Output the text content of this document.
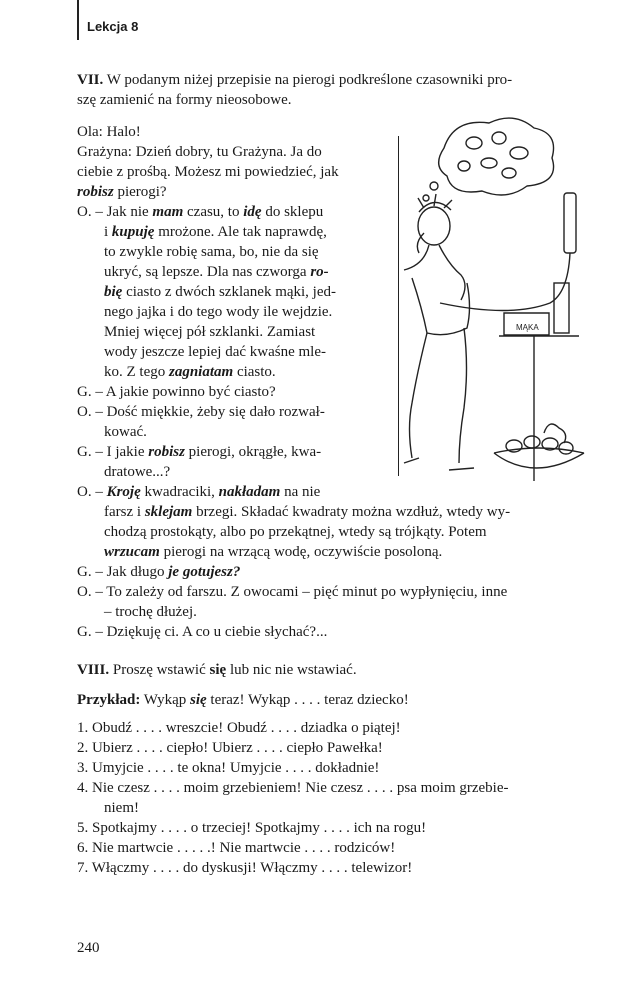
Lekcja 8
VII. W podanym niżej przepisie na pierogi podkreślone czasowniki pro-
szę zamienić na formy nieosobowe.
Ola: Halo!
Grażyna: Dzień dobry, tu Grażyna. Ja do
ciebie z prośbą. Możesz mi powiedzieć, jak
robisz pierogi?
O. – Jak nie mam czasu, to idę do sklepu
i kupuję mrożone. Ale tak naprawdę,
to zwykle robię sama, bo, nie da się
ukryć, są lepsze. Dla nas czworga ro-
bię ciasto z dwóch szklanek mąki, jed-
nego jajka i do tego wody ile wejdzie.
Mniej więcej pół szklanki. Zamiast
wody jeszcze lepiej dać kwaśne mle-
ko. Z tego zagniatam ciasto.
G. – A jakie powinno być ciasto?
O. – Dość miękkie, żeby się dało rozwał-
kować.
G. – I jakie robisz pierogi, okrągłe, kwa-
dratowe...?
O. – Kroję kwadraciki, nakładam na nie
farsz i sklejam brzegi. Składać kwadraty można wzdłuż, wtedy wy-
chodzą prostokąty, albo po przekątnej, wtedy są trójkąty. Potem
wrzucam pierogi na wrzącą wodę, oczywiście posoloną.
G. – Jak długo je gotujesz?
O. – To zależy od farszu. Z owocami – pięć minut po wypłynięciu, inne
– trochę dłużej.
G. – Dziękuję ci. A co u ciebie słychać?...
VIII. Proszę wstawić się lub nic nie wstawiać.
Przykład: Wykąp się teraz! Wykąp . . . . teraz dziecko!
1. Obudź . . . . wreszcie! Obudź . . . . dziadka o piątej!
2. Ubierz . . . . ciepło! Ubierz . . . . ciepło Pawełka!
3. Umyjcie . . . . te okna! Umyjcie . . . . dokładnie!
4. Nie czesz . . . . moim grzebieniem! Nie czesz . . . . psa moim grzebie-
niem!
5. Spotkajmy . . . . o trzeciej! Spotkajmy . . . . ich na rogu!
6. Nie martwcie . . . . .! Nie martwcie . . . . rodziców!
7. Włączmy . . . . do dyskusji! Włączmy . . . . telewizor!
240
MĄKA
